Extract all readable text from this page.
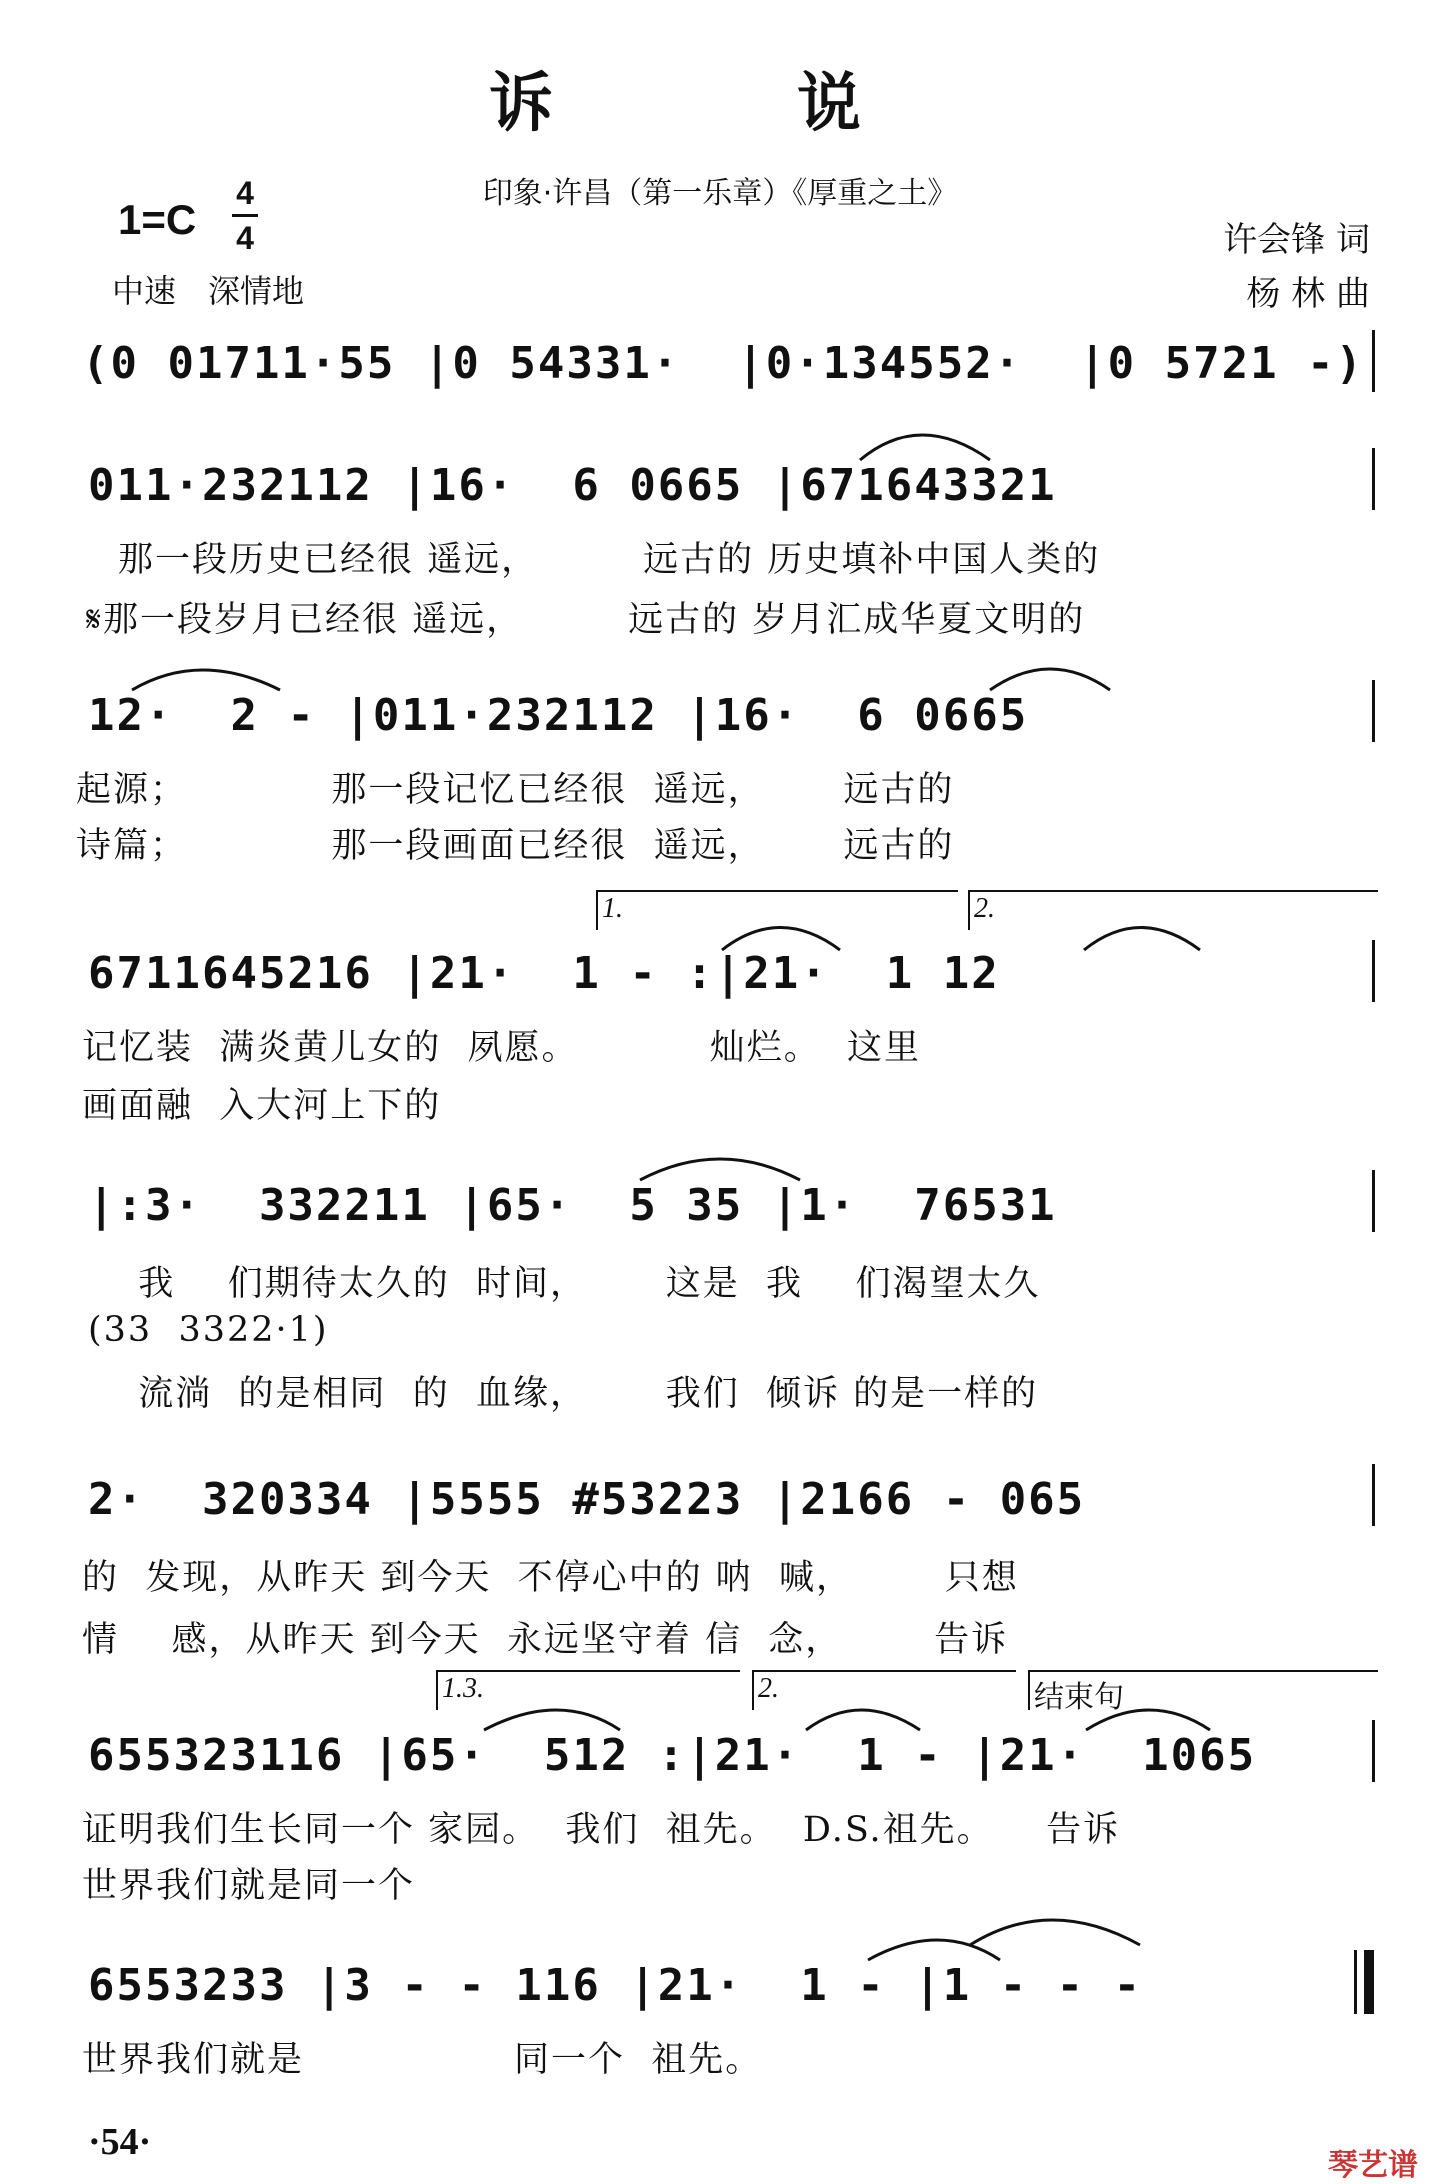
诉　说
印象·许昌（第一乐章）《厚重之土》
1=C
4
4	许会锋 词
杨 林 曲
中速　深情地
(0 01711·55 |0 54331·  |0·134552·  |0 5721 -)
011·232112 |16·  6 0665 |671643321
那一段历史已经很 遥远，        远古的 历史填补中国人类的
𝄋那一段岁月已经很 遥远，        远古的 岁月汇成华夏文明的
12·  2 - |011·232112 |16·  6 0665
起源；           那一段记忆已经很  遥远，      远古的
诗篇；           那一段画面已经很  遥远，      远古的
1.	2.
6711645216 |21·  1 - :|21·  1 12
记忆装  满炎黄儿女的  夙愿。          灿烂。  这里
画面融  入大河上下的
|:3·  332211 |65·  5 35 |1·  76531
我    们期待太久的  时间，      这是  我    们渴望太久
(33  3322·1)
流淌  的是相同  的  血缘，      我们  倾诉 的是一样的
2·  320334 |5555 #53223 |2166 - 065
的  发现，从昨天 到今天  不停心中的 呐  喊，       只想
情    感，从昨天 到今天  永远坚守着 信  念，       告诉
1.3.	2.	结束句
655323116 |65·  512 :|21·  1 - |21·  1065
证明我们生长同一个 家园。  我们  祖先。  D.S.祖先。    告诉
世界我们就是同一个
6553233 |3 - - 116 |21·  1 - |1 - - -
世界我们就是                同一个  祖先。
·54·
琴艺谱
